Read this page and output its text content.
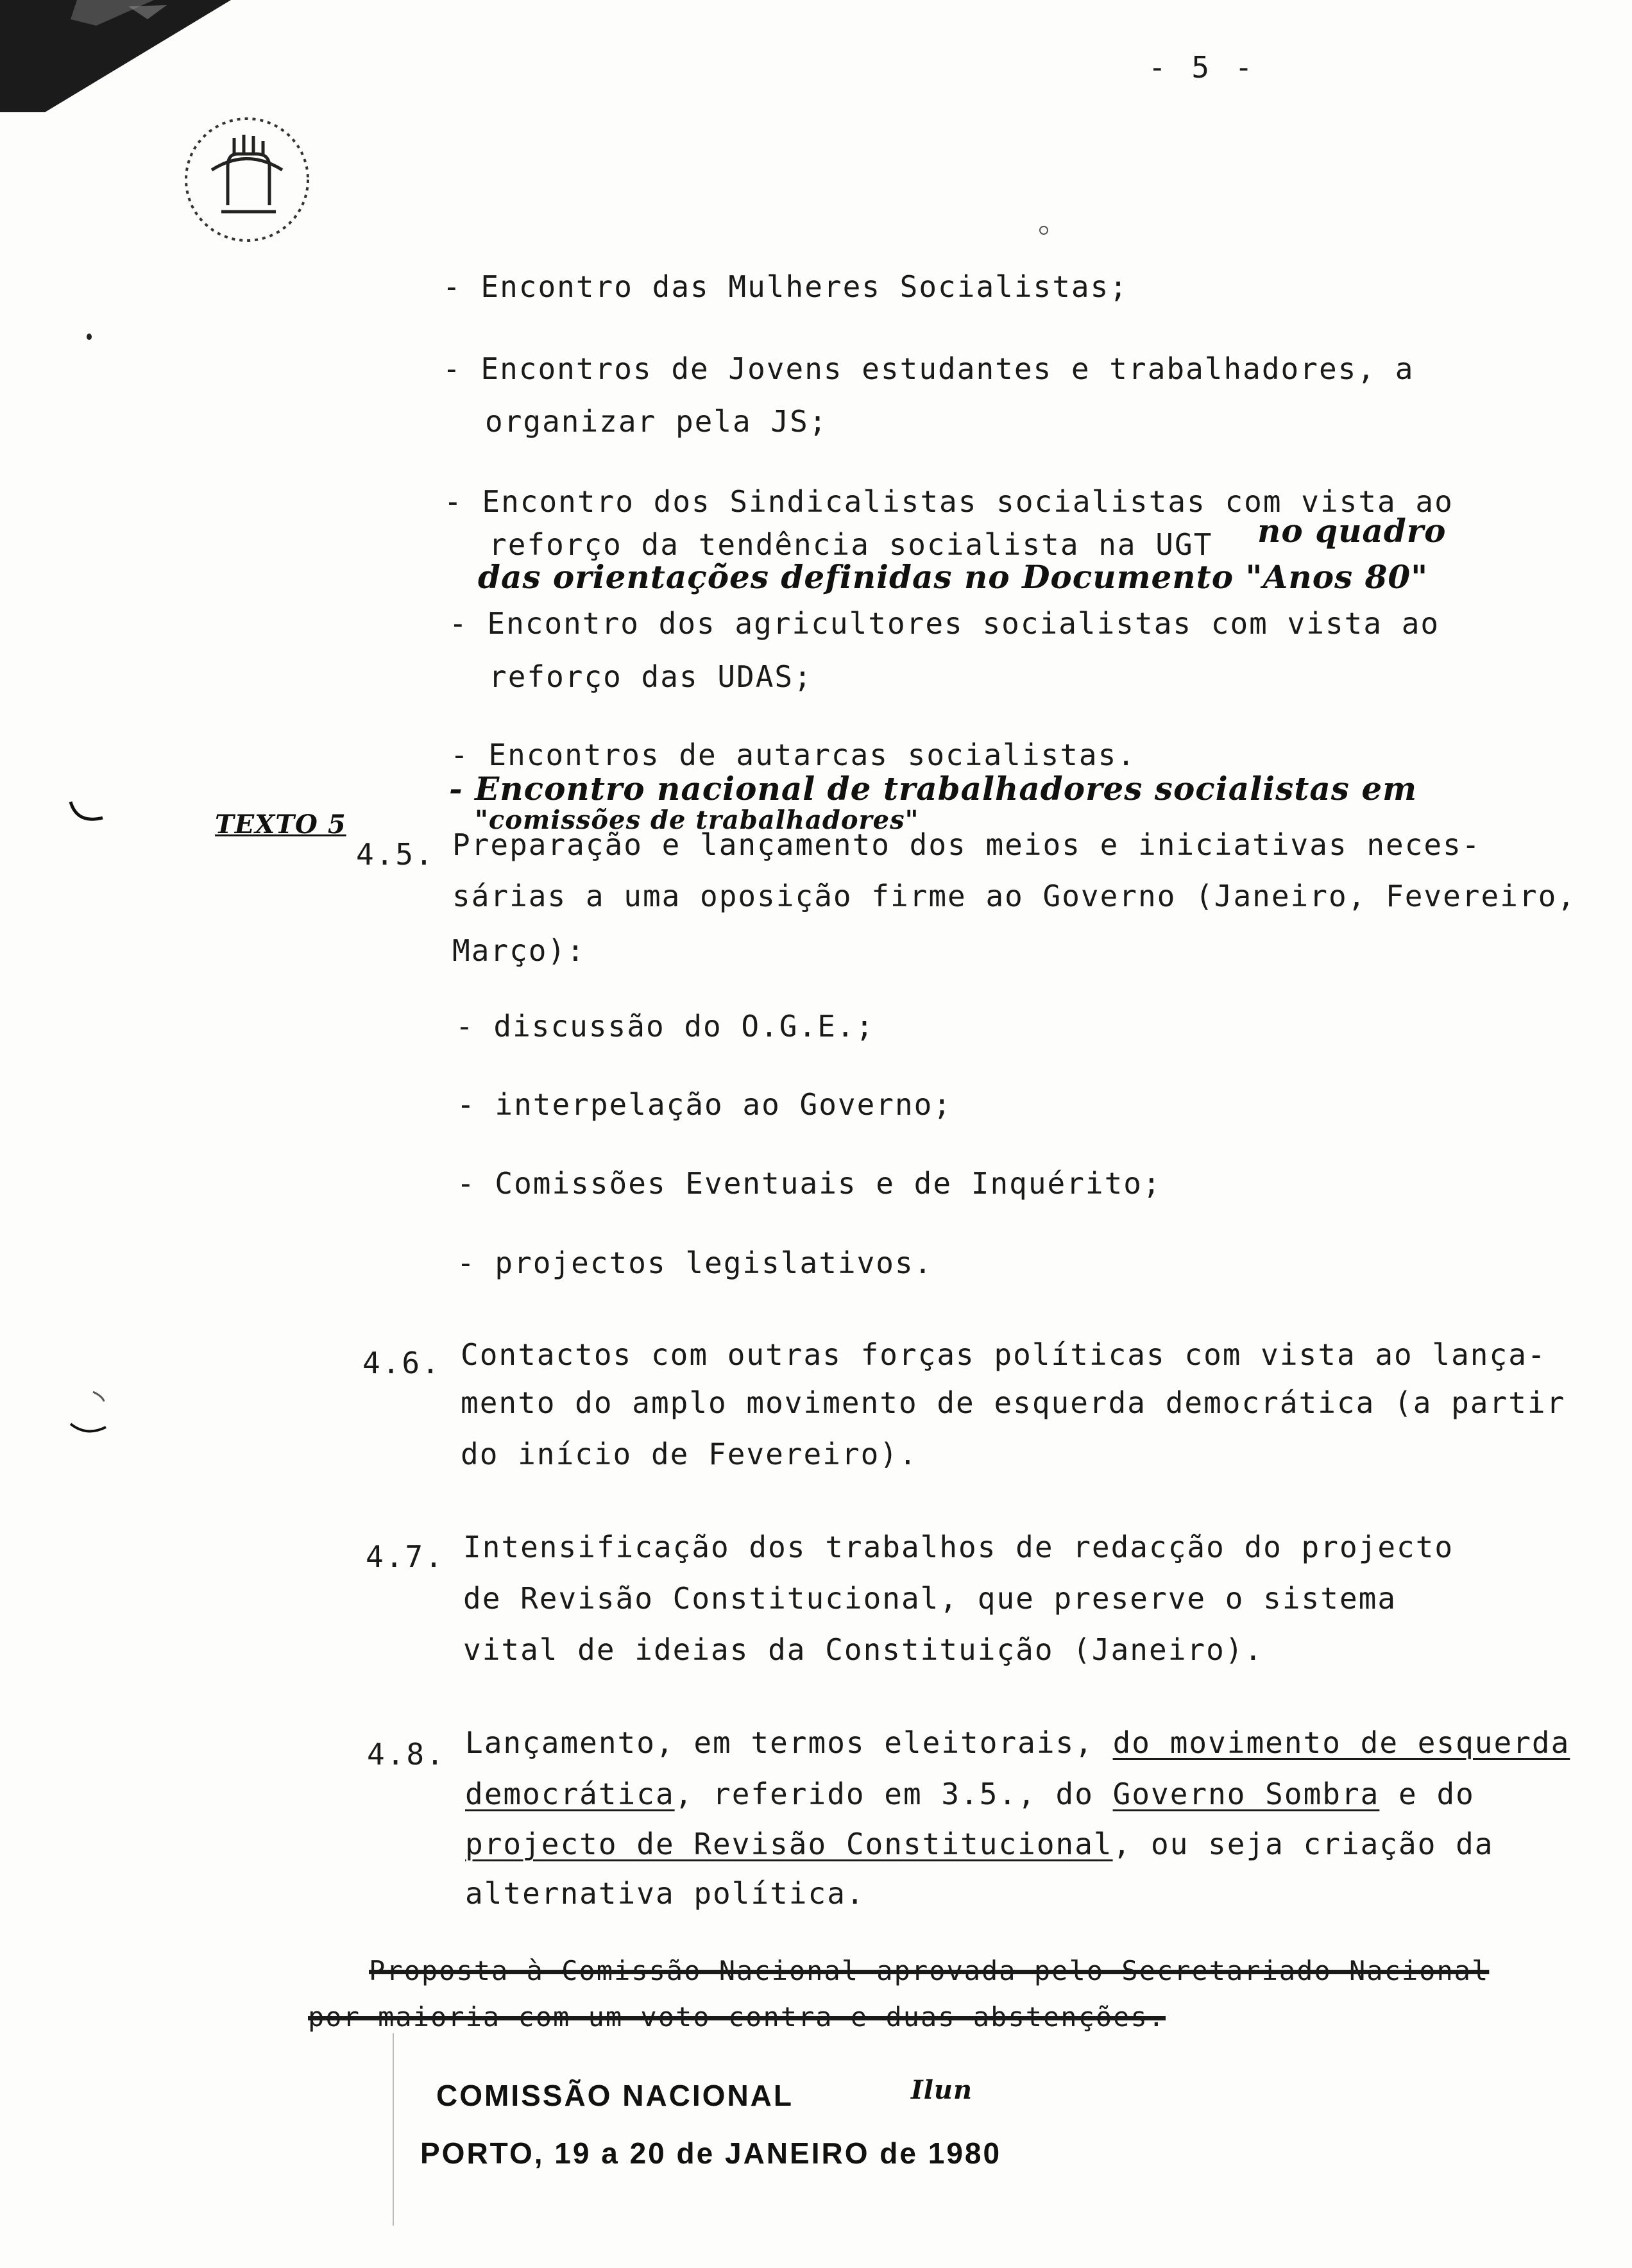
- 5 -
- Encontro das Mulheres Socialistas;
- Encontros de Jovens estudantes e trabalhadores, a
organizar pela JS;
- Encontro dos Sindicalistas socialistas com vista ao
reforço da tendência socialista na UGT no quadro
das orientações definidas no Documento "Anos 80"
- Encontro dos agricultores socialistas com vista ao
reforço das UDAS;
- Encontros de autarcas socialistas.
- Encontro nacional de trabalhadores socialistas em
"comissões de trabalhadores"
TEXTO 5
4.5. Preparação e lançamento dos meios e iniciativas neces-
sárias a uma oposição firme ao Governo (Janeiro, Fevereiro,
Março):
- discussão do O.G.E.;
- interpelação ao Governo;
- Comissões Eventuais e de Inquérito;
- projectos legislativos.
4.6. Contactos com outras forças políticas com vista ao lança-
mento do amplo movimento de esquerda democrática (a partir
do início de Fevereiro).
4.7. Intensificação dos trabalhos de redacção do projecto
de Revisão Constitucional, que preserve o sistema
vital de ideias da Constituição (Janeiro).
4.8. Lançamento, em termos eleitorais, do movimento de esquerda
democrática, referido em 3.5., do Governo Sombra e do
projecto de Revisão Constitucional, ou seja criação da
alternativa política.
Proposta à Comissão Nacional aprovada pelo Secretariado Nacional
por maioria com um voto contra e duas abstenções.
COMISSÃO NACIONAL	Ilun
PORTO, 19 a 20 de JANEIRO de 1980
